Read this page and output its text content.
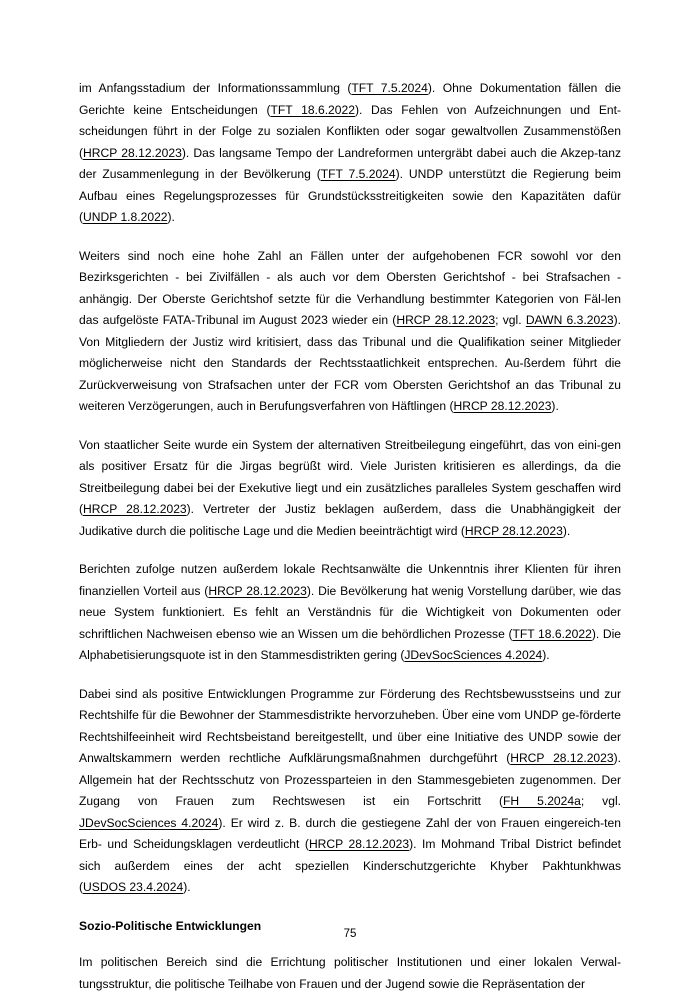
im Anfangsstadium der Informationssammlung (TFT 7.5.2024). Ohne Dokumentation fällen die Gerichte keine Entscheidungen (TFT 18.6.2022). Das Fehlen von Aufzeichnungen und Ent-scheidungen führt in der Folge zu sozialen Konflikten oder sogar gewaltvollen Zusammenstößen (HRCP 28.12.2023). Das langsame Tempo der Landreformen untergräbt dabei auch die Akzep-tanz der Zusammenlegung in der Bevölkerung (TFT 7.5.2024). UNDP unterstützt die Regierung beim Aufbau eines Regelungsprozesses für Grundstücksstreitigkeiten sowie den Kapazitäten dafür (UNDP 1.8.2022).

Weiters sind noch eine hohe Zahl an Fällen unter der aufgehobenen FCR sowohl vor den Bezirksgerichten - bei Zivilfällen - als auch vor dem Obersten Gerichtshof - bei Strafsachen - anhängig. Der Oberste Gerichtshof setzte für die Verhandlung bestimmter Kategorien von Fäl-len das aufgelöste FATA-Tribunal im August 2023 wieder ein (HRCP 28.12.2023; vgl. DAWN 6.3.2023). Von Mitgliedern der Justiz wird kritisiert, dass das Tribunal und die Qualifikation seiner Mitglieder möglicherweise nicht den Standards der Rechtsstaatlichkeit entsprechen. Au-ßerdem führt die Zurückverweisung von Strafsachen unter der FCR vom Obersten Gerichtshof an das Tribunal zu weiteren Verzögerungen, auch in Berufungsverfahren von Häftlingen (HRCP 28.12.2023).

Von staatlicher Seite wurde ein System der alternativen Streitbeilegung eingeführt, das von eini-gen als positiver Ersatz für die Jirgas begrüßt wird. Viele Juristen kritisieren es allerdings, da die Streitbeilegung dabei bei der Exekutive liegt und ein zusätzliches paralleles System geschaffen wird (HRCP 28.12.2023). Vertreter der Justiz beklagen außerdem, dass die Unabhängigkeit der Judikative durch die politische Lage und die Medien beeinträchtigt wird (HRCP 28.12.2023).

Berichten zufolge nutzen außerdem lokale Rechtsanwälte die Unkenntnis ihrer Klienten für ihren finanziellen Vorteil aus (HRCP 28.12.2023). Die Bevölkerung hat wenig Vorstellung darüber, wie das neue System funktioniert. Es fehlt an Verständnis für die Wichtigkeit von Dokumenten oder schriftlichen Nachweisen ebenso wie an Wissen um die behördlichen Prozesse (TFT 18.6.2022). Die Alphabetisierungsquote ist in den Stammesdistrikten gering (JDevSocSciences 4.2024).

Dabei sind als positive Entwicklungen Programme zur Förderung des Rechtsbewusstseins und zur Rechtshilfe für die Bewohner der Stammesdistrikte hervorzuheben. Über eine vom UNDP ge-förderte Rechtshilfeeinheit wird Rechtsbeistand bereitgestellt, und über eine Initiative des UNDP sowie der Anwaltskammern werden rechtliche Aufklärungsmaßnahmen durchgeführt (HRCP 28.12.2023). Allgemein hat der Rechtsschutz von Prozessparteien in den Stammesgebieten zugenommen. Der Zugang von Frauen zum Rechtswesen ist ein Fortschritt (FH 5.2024a; vgl. JDevSocSciences 4.2024). Er wird z. B. durch die gestiegene Zahl der von Frauen eingereich-ten Erb- und Scheidungsklagen verdeutlicht (HRCP 28.12.2023). Im Mohmand Tribal District befindet sich außerdem eines der acht speziellen Kinderschutzgerichte Khyber Pakhtunkhwas (USDOS 23.4.2024).

Sozio-Politische Entwicklungen

Im politischen Bereich sind die Errichtung politischer Institutionen und einer lokalen Verwal-tungsstruktur, die politische Teilhabe von Frauen und der Jugend sowie die Repräsentation der

75
